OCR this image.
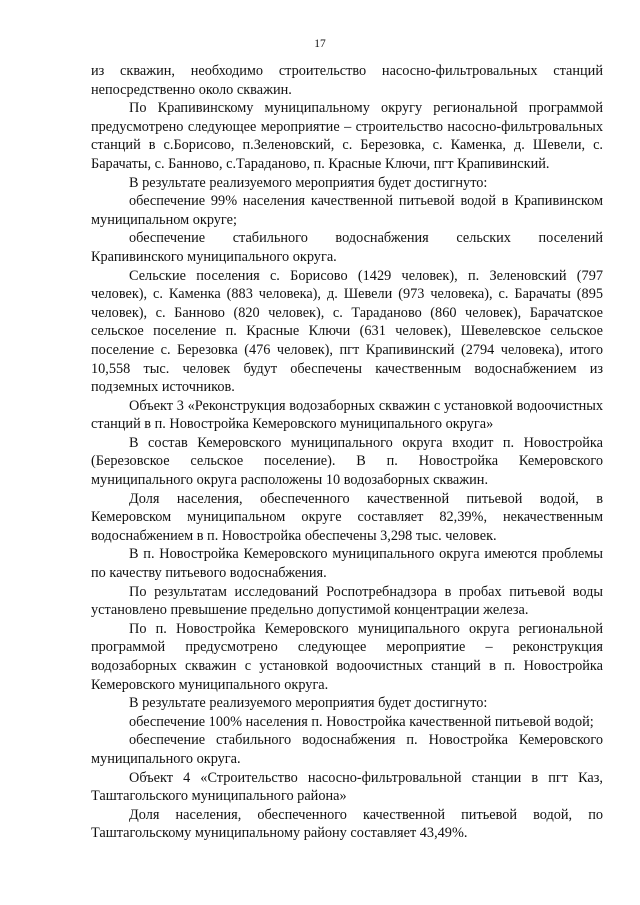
17

из скважин, необходимо строительство насосно-фильтровальных станций непосредственно около скважин.

По Крапивинскому муниципальному округу региональной программой предусмотрено следующее мероприятие – строительство насосно-фильтровальных станций в с.Борисово, п.Зеленовский, с. Березовка, с. Каменка, д. Шевели, с. Барачаты, с. Банново, с.Тараданово, п. Красные Ключи, пгт Крапивинский.

В результате реализуемого мероприятия будет достигнуто:

обеспечение 99% населения качественной питьевой водой в Крапивинском муниципальном округе;

обеспечение стабильного водоснабжения сельских поселений Крапивинского муниципального округа.

Сельские поселения с. Борисово (1429 человек), п. Зеленовский (797 человек), с. Каменка (883 человека), д. Шевели (973 человека), с. Барачаты (895 человек), с. Банново (820 человек), с. Тараданово (860 человек), Барачатское сельское поселение п. Красные Ключи (631 человек), Шевелевское сельское поселение с. Березовка (476 человек), пгт Крапивинский (2794 человека), итого 10,558 тыс. человек будут обеспечены качественным водоснабжением из подземных источников.

Объект 3 «Реконструкция водозаборных скважин с установкой водоочистных станций в п. Новостройка Кемеровского муниципального округа»

В состав Кемеровского муниципального округа входит п. Новостройка (Березовское сельское поселение). В п. Новостройка Кемеровского муниципального округа расположены 10 водозаборных скважин.

Доля населения, обеспеченного качественной питьевой водой, в Кемеровском муниципальном округе составляет 82,39%, некачественным водоснабжением в п. Новостройка обеспечены 3,298 тыс. человек.

В п. Новостройка Кемеровского муниципального округа имеются проблемы по качеству питьевого водоснабжения.

По результатам исследований Роспотребнадзора в пробах питьевой воды установлено превышение предельно допустимой концентрации железа.

По п. Новостройка Кемеровского муниципального округа региональной программой предусмотрено следующее мероприятие – реконструкция водозаборных скважин с установкой водоочистных станций в п. Новостройка Кемеровского муниципального округа.

В результате реализуемого мероприятия будет достигнуто:

обеспечение 100% населения п. Новостройка качественной питьевой водой;

обеспечение стабильного водоснабжения п. Новостройка Кемеровского муниципального округа.

Объект 4 «Строительство насосно-фильтровальной станции в пгт Каз, Таштагольского муниципального района»

Доля населения, обеспеченного качественной питьевой водой, по Таштагольскому муниципальному району составляет 43,49%.
